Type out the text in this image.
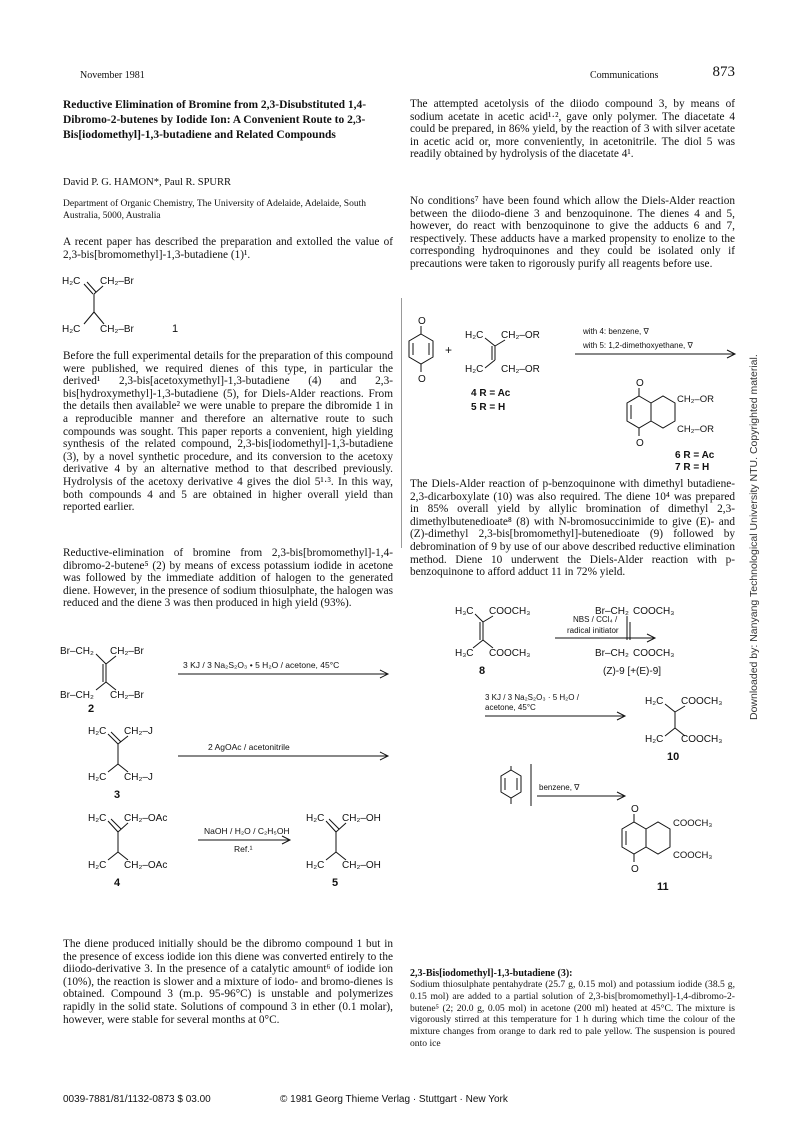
November 1981	Communications	873
Reductive Elimination of Bromine from 2,3-Disubstituted 1,4-Dibromo-2-butenes by Iodide Ion: A Convenient Route to 2,3-Bis[iodomethyl]-1,3-butadiene and Related Compounds
David P. G. HAMON*, Paul R. SPURR
Department of Organic Chemistry, The University of Adelaide, Adelaide, South Australia, 5000, Australia

A recent paper has described the preparation and extolled the value of 2,3-bis[bromomethyl]-1,3-butadiene (1)¹.

H₂C CH₂–Br
H₂C CH₂–Br	1

Before the full experimental details for the preparation of this compound were published, we required dienes of this type, in particular the derived¹ 2,3-bis[acetoxymethyl]-1,3-butadiene (4) and 2,3-bis[hydroxymethyl]-1,3-butadiene (5), for Diels-Alder reactions. From the details then available² we were unable to prepare the dibromide 1 in a reproducible manner and therefore an alternative route to such compounds was sought. This paper reports a convenient, high yielding synthesis of the related compound, 2,3-bis[iodomethyl]-1,3-butadiene (3), by a novel synthetic procedure, and its conversion to the acetoxy derivative 4 by an alternative method to that described previously. Hydrolysis of the acetoxy derivative 4 gives the diol 5¹·³. In this way, both compounds 4 and 5 are obtained in higher overall yield than reported earlier.

Reductive-elimination of bromine from 2,3-bis[bromomethyl]-1,4-dibromo-2-butene⁵ (2) by means of excess potassium iodide in acetone was followed by the immediate addition of halogen to the generated diene. However, in the presence of sodium thiosulphate, the halogen was reduced and the diene 3 was then produced in high yield (93%).

Br–CH₂ CH₂–Br
Br–CH₂ CH₂–Br
2
3 KJ / 3 Na₂S₂O₃ • 5 H₂O / acetone, 45°C
H₂C CH₂–J
H₂C CH₂–J
3
2 AgOAc / acetonitrile
H₂C CH₂–OAc
H₂C CH₂–OAc
4
NaOH / H₂O / C₂H₅OH
Ref.¹
H₂C CH₂–OH
H₂C CH₂–OH
5

The diene produced initially should be the dibromo compound 1 but in the presence of excess iodide ion this diene was converted entirely to the diiodo-derivative 3. In the presence of a catalytic amount⁶ of iodide ion (10%), the reaction is slower and a mixture of iodo- and bromo-dienes is obtained. Compound 3 (m.p. 95-96°C) is unstable and polymerizes rapidly in the solid state. Solutions of compound 3 in ether (0.1 molar), however, were stable for several months at 0°C.

The attempted acetolysis of the diiodo compound 3, by means of sodium acetate in acetic acid¹·², gave only polymer. The diacetate 4 could be prepared, in 86% yield, by the reaction of 3 with silver acetate in acetic acid or, more conveniently, in acetonitrile. The diol 5 was readily obtained by hydrolysis of the diacetate 4¹.

No conditions⁷ have been found which allow the Diels-Alder reaction between the diiodo-diene 3 and benzoquinone. The dienes 4 and 5, however, do react with benzoquinone to give the adducts 6 and 7, respectively. These adducts have a marked propensity to enolize to the corresponding hydroquinones and they could be isolated only if precautions were taken to rigorously purify all reagents before use.

O
O
+
H₂C CH₂–OR
H₂C CH₂–OR
4 R = Ac
5 R = H
with 4: benzene, ∇
with 5: 1,2-dimethoxyethane, ∇
O
O
CH₂–OR
CH₂–OR
6 R = Ac
7 R = H

The Diels-Alder reaction of p-benzoquinone with dimethyl butadiene-2,3-dicarboxylate (10) was also required. The diene 10⁴ was prepared in 85% overall yield by allylic bromination of dimethyl 2,3-dimethylbutenedioate⁸ (8) with N-bromosuccinimide to give (E)- and (Z)-dimethyl 2,3-bis[bromomethyl]-butenedioate (9) followed by debromination of 9 by use of our above described reductive elimination method. Diene 10 underwent the Diels-Alder reaction with p-benzoquinone to afford adduct 11 in 72% yield.

H₃C COOCH₃
H₃C COOCH₃
8
NBS / CCl₄ /
radical initiator
Br–CH₂ COOCH₃
Br–CH₂ COOCH₃
(Z)-9 [+(E)-9]
3 KJ / 3 Na₂S₂O₃ · 5 H₂O /
acetone, 45°C
H₂C COOCH₃
H₂C COOCH₃
10
benzene, ∇
O
O
COOCH₃
COOCH₃
11
2,3-Bis[iodomethyl]-1,3-butadiene (3):

Sodium thiosulphate pentahydrate (25.7 g, 0.15 mol) and potassium iodide (38.5 g, 0.15 mol) are added to a partial solution of 2,3-bis[bromomethyl]-1,4-dibromo-2-butene⁵ (2; 20.0 g, 0.05 mol) in acetone (200 ml) heated at 45°C. The mixture is vigorously stirred at this temperature for 1 h during which time the colour of the mixture changes from orange to dark red to pale yellow. The suspension is poured onto ice

0039-7881/81/1132-0873 $ 03.00	© 1981 Georg Thieme Verlag · Stuttgart · New York
Downloaded by: Nanyang Technological University NTU. Copyrighted material.
